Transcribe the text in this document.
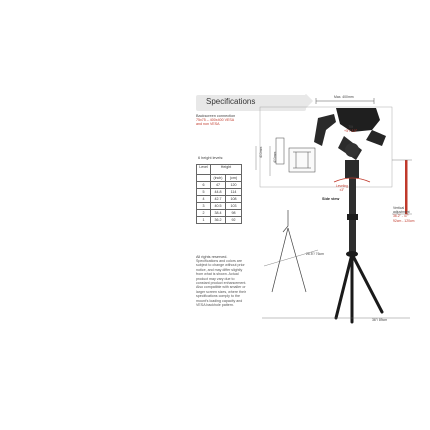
Specifications
Backscreen connection
75x75 – 400x400 VESA
and non VESA
6 height levels:
Level	Height	
	(inch)	(cm)
6	47	120
5	44.8	114
4	42.7	108
3	40.5	103
2	38.4	98
1	36.2	92
All rights reserved.
Specifications and colors are
subject to change without prior
notice, and may differ slightly
from what is shown. Actual
product may vary due to
constant product enhancement.
Also compatible with smaller or
larger screen sizes, where their
specifications comply to the
mount's loading capacity and
VESA backhole pattern.
Max. 400mm
Tilt
+5°/-10°
400mm	400mm
Side view
Leveling
±3°
Vertical
adjustment
36.2" - 47"
92cm - 120cm
26.5"/ 76cm
36"/ 89cm
